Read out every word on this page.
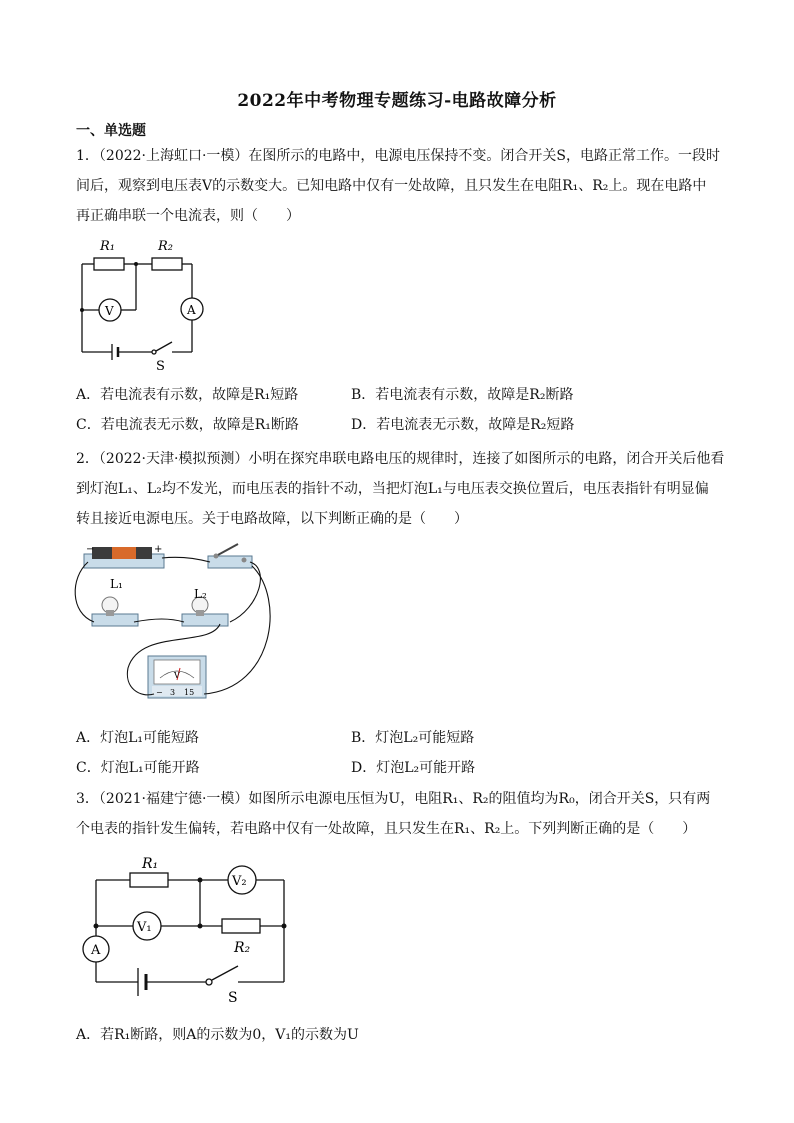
2022年中考物理专题练习-电路故障分析
一、单选题
1．（2022·上海虹口·一模）在图所示的电路中，电源电压保持不变。闭合开关S，电路正常工作。一段时
间后，观察到电压表V的示数变大。已知电路中仅有一处故障，且只发生在电阻R₁、R₂上。现在电路中
再正确串联一个电流表，则（　　）
R₁	R₂
V	A
S
A．若电流表有示数，故障是R₁短路	B．若电流表有示数，故障是R₂断路
C．若电流表无示数，故障是R₁断路	D．若电流表无示数，故障是R₂短路
2．（2022·天津·模拟预测）小明在探究串联电路电压的规律时，连接了如图所示的电路，闭合开关后他看
到灯泡L₁、L₂均不发光，而电压表的指针不动，当把灯泡L₁与电压表交换位置后，电压表指针有明显偏
转且接近电源电压。关于电路故障，以下判断正确的是（　　）
−	+
L₁
L₂
V
− 3 15
A．灯泡L₁可能短路	B．灯泡L₂可能短路
C．灯泡L₁可能开路	D．灯泡L₂可能开路
3．（2021·福建宁德·一模）如图所示电源电压恒为U，电阻R₁、R₂的阻值均为R₀，闭合开关S，只有两
个电表的指针发生偏转，若电路中仅有一处故障，且只发生在R₁、R₂上。下列判断正确的是（　　）
R₁
R₂
V₂
V₁
A
S
A．若R₁断路，则A的示数为0，V₁的示数为U
